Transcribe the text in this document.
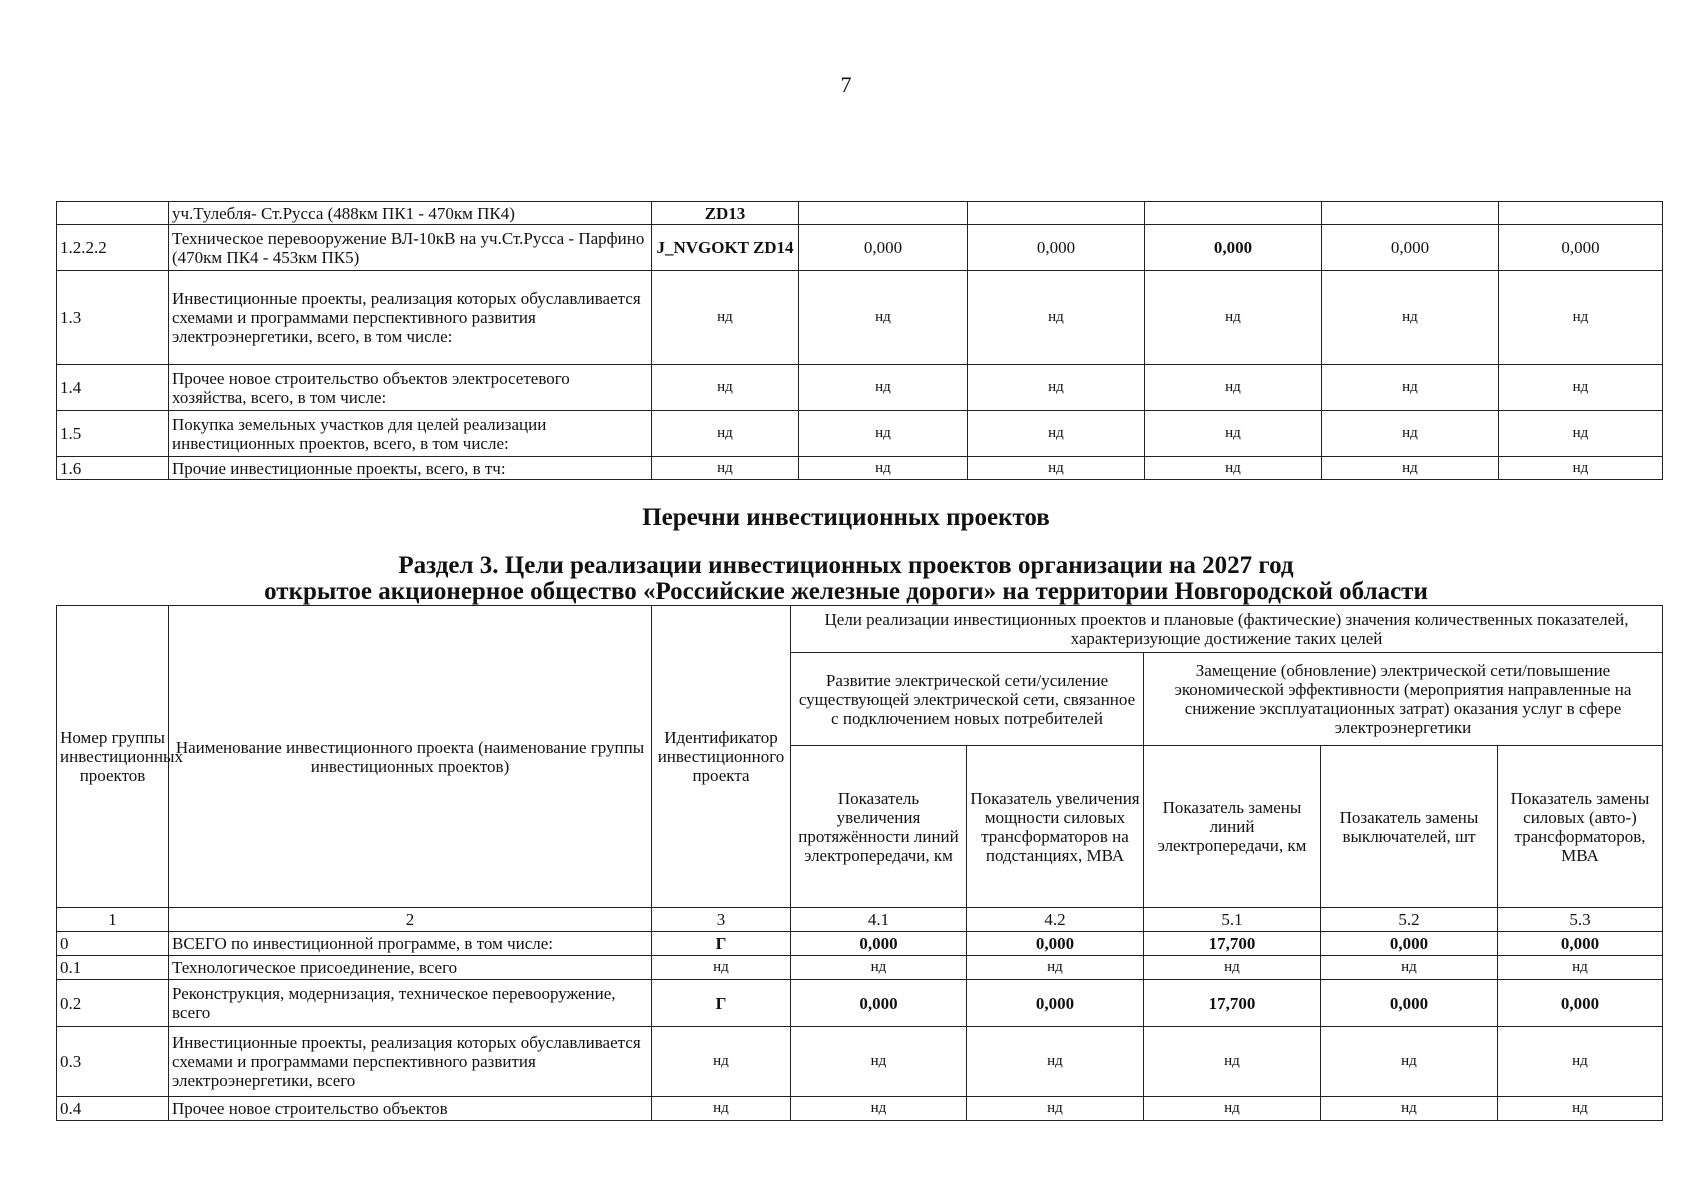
7
	уч.Тулебля- Ст.Русса (488км ПК1 - 470км ПК4)	ZD13					
1.2.2.2	Техническое перевооружение ВЛ-10кВ на уч.Ст.Русса - Парфино (470км ПК4 - 453км ПК5)	J_NVGOKT ZD14	0,000	0,000	0,000	0,000	0,000
1.3	Инвестиционные проекты, реализация которых обуславливается схемами и программами перспективного развития электроэнергетики, всего, в том числе:	нд	нд	нд	нд	нд	нд
1.4	Прочее новое строительство объектов электросетевого хозяйства, всего, в том числе:	нд	нд	нд	нд	нд	нд
1.5	Покупка земельных участков для целей реализации инвестиционных проектов, всего, в том числе:	нд	нд	нд	нд	нд	нд
1.6	Прочие инвестиционные проекты, всего, в тч:	нд	нд	нд	нд	нд	нд
Перечни инвестиционных проектов
Раздел 3. Цели реализации инвестиционных проектов организации на 2027 год
открытое акционерное общество «Российские железные дороги» на территории Новгородской области
Номер группы инвестиционных проектов	Наименование инвестиционного проекта (наименование группы инвестиционных проектов)	Идентификатор инвестиционного проекта	Цели реализации инвестиционных проектов и плановые (фактические) значения количественных показателей, характеризующие достижение таких целей				
			Развитие электрической сети/усиление существующей электрической сети, связанное с подключением новых потребителей		Замещение (обновление) электрической сети/повышение экономической эффективности (мероприятия направленные на снижение эксплуатационных затрат) оказания услуг в сфере электроэнергетики		
			Показатель увеличения протяжённости линий электропередачи, км	Показатель увеличения мощности силовых трансформаторов на подстанциях, МВА	Показатель замены линий электропередачи, км	Позакатель замены выключателей, шт	Показатель замены силовых (авто-) трансформаторов, МВА
1	2	3	4.1	4.2	5.1	5.2	5.3
0	ВСЕГО по инвестиционной программе, в том числе:	Г	0,000	0,000	17,700	0,000	0,000
0.1	Технологическое присоединение, всего	нд	нд	нд	нд	нд	нд
0.2	Реконструкция, модернизация, техническое перевооружение, всего	Г	0,000	0,000	17,700	0,000	0,000
0.3	Инвестиционные проекты, реализация которых обуславливается схемами и программами перспективного развития электроэнергетики, всего	нд	нд	нд	нд	нд	нд
0.4	Прочее новое строительство объектов	нд	нд	нд	нд	нд	нд
